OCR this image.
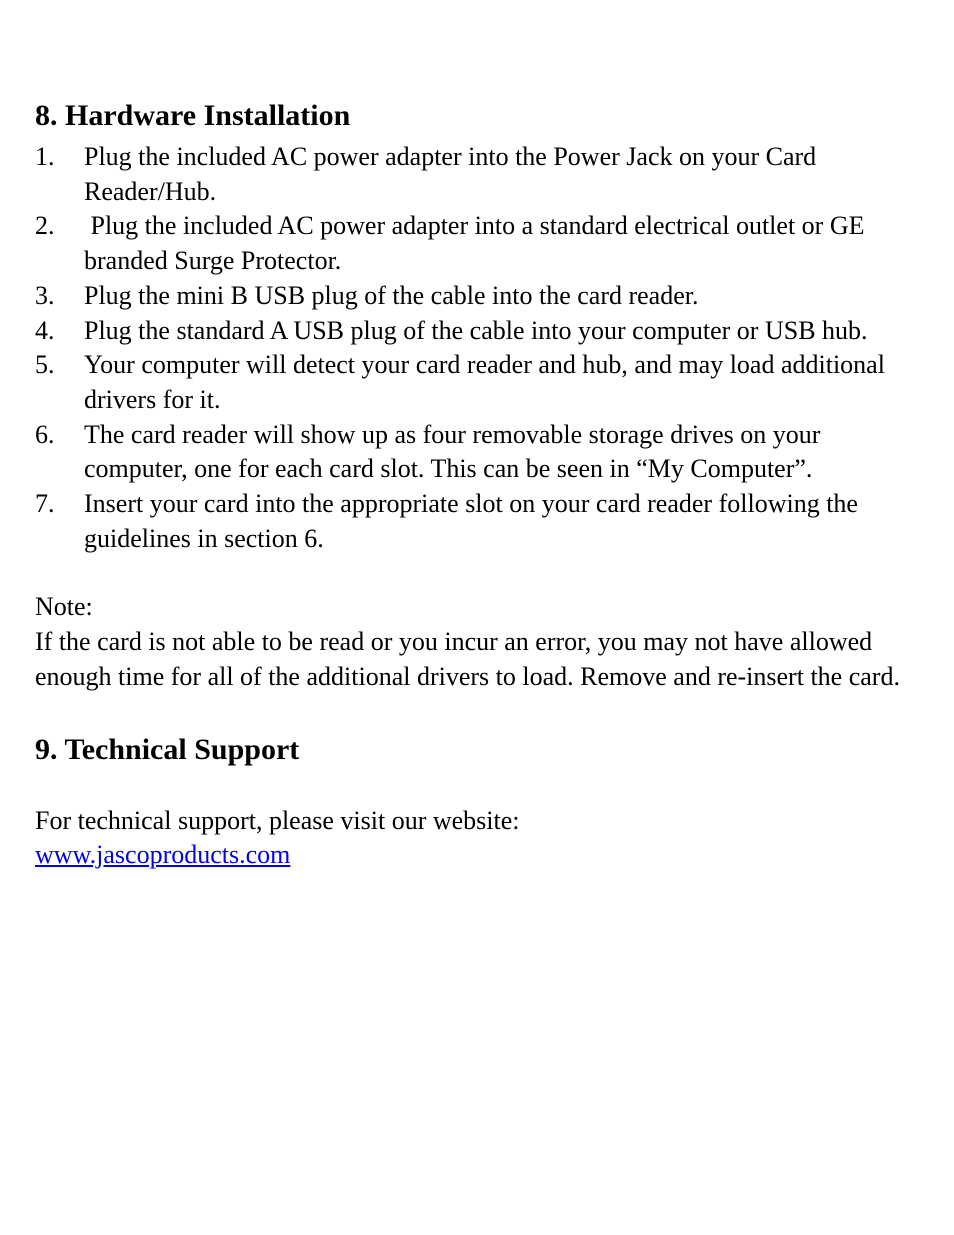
8. Hardware Installation
1. Plug the included AC power adapter into the Power Jack on your Card Reader/Hub.
2. Plug the included AC power adapter into a standard electrical outlet or GE branded Surge Protector.
3. Plug the mini B USB plug of the cable into the card reader.
4. Plug the standard A USB plug of the cable into your computer or USB hub.
5. Your computer will detect your card reader and hub, and may load additional drivers for it.
6. The card reader will show up as four removable storage drives on your computer, one for each card slot. This can be seen in “My Computer”.
7. Insert your card into the appropriate slot on your card reader following the guidelines in section 6.

Note:

If the card is not able to be read or you incur an error, you may not have allowed enough time for all of the additional drivers to load. Remove and re-insert the card.

9. Technical Support

For technical support, please visit our website:

www.jascoproducts.com
